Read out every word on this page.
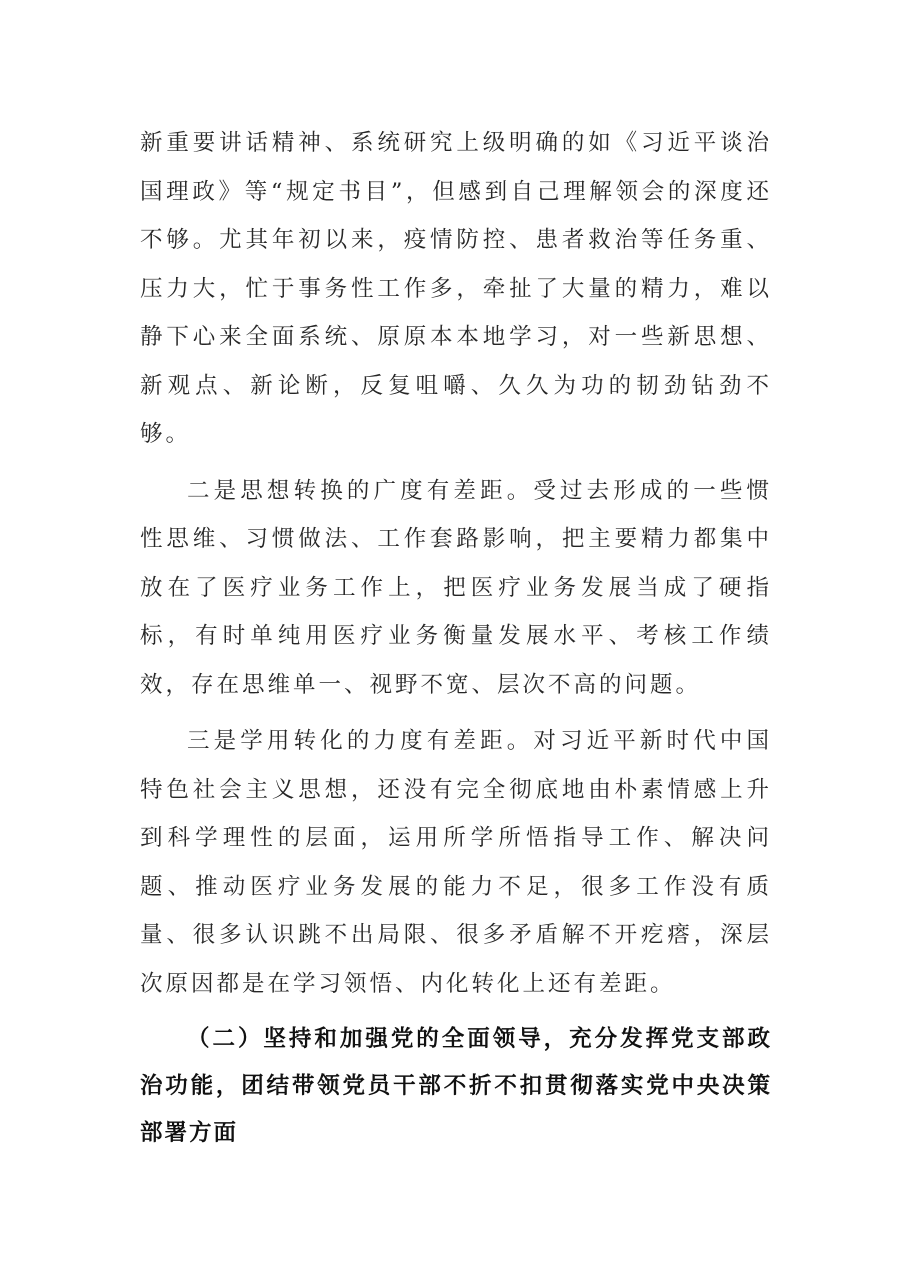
新重要讲话精神、系统研究上级明确的如《习近平谈治国理政》等“规定书目”，但感到自己理解领会的深度还不够。尤其年初以来，疫情防控、患者救治等任务重、压力大，忙于事务性工作多，牵扯了大量的精力，难以静下心来全面系统、原原本本地学习，对一些新思想、新观点、新论断，反复咀嚼、久久为功的韧劲钻劲不够。

二是思想转换的广度有差距。受过去形成的一些惯性思维、习惯做法、工作套路影响，把主要精力都集中放在了医疗业务工作上，把医疗业务发展当成了硬指标，有时单纯用医疗业务衡量发展水平、考核工作绩效，存在思维单一、视野不宽、层次不高的问题。

三是学用转化的力度有差距。对习近平新时代中国特色社会主义思想，还没有完全彻底地由朴素情感上升到科学理性的层面，运用所学所悟指导工作、解决问题、推动医疗业务发展的能力不足，很多工作没有质量、很多认识跳不出局限、很多矛盾解不开疙瘩，深层次原因都是在学习领悟、内化转化上还有差距。

（二）坚持和加强党的全面领导，充分发挥党支部政治功能，团结带领党员干部不折不扣贯彻落实党中央决策部署方面
